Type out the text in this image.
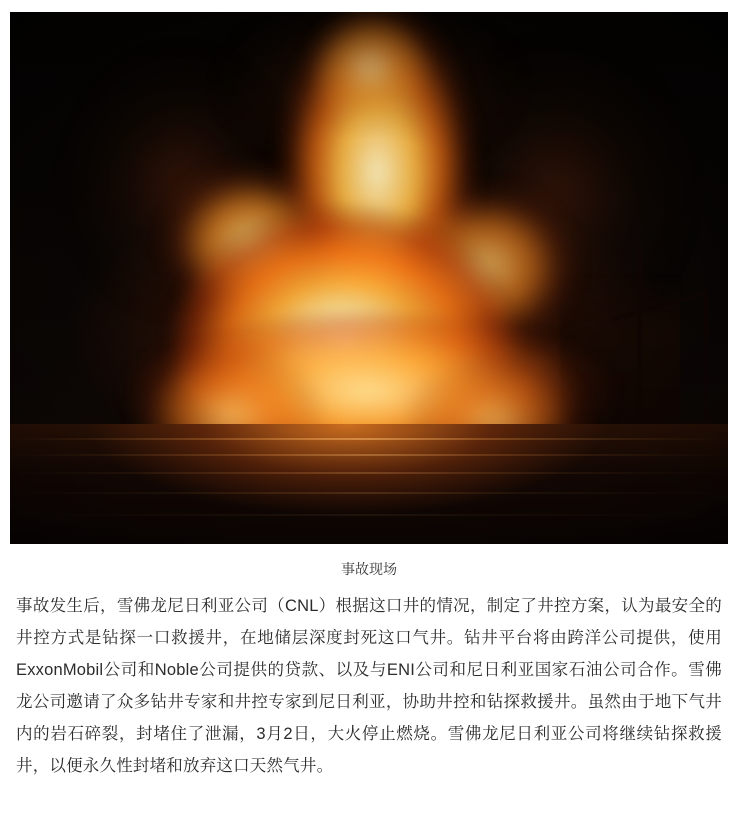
事故现场
事故发生后，雪佛龙尼日利亚公司（CNL）根据这口井的情况，制定了井控方案，认为最安全的井控方式是钻探一口救援井，在地储层深度封死这口气井。钻井平台将由跨洋公司提供，使用ExxonMobil公司和Noble公司提供的贷款、以及与ENI公司和尼日利亚国家石油公司合作。雪佛龙公司邀请了众多钻井专家和井控专家到尼日利亚，协助井控和钻探救援井。虽然由于地下气井内的岩石碎裂，封堵住了泄漏，3月2日，大火停止燃烧。雪佛龙尼日利亚公司将继续钻探救援井，以便永久性封堵和放弃这口天然气井。
